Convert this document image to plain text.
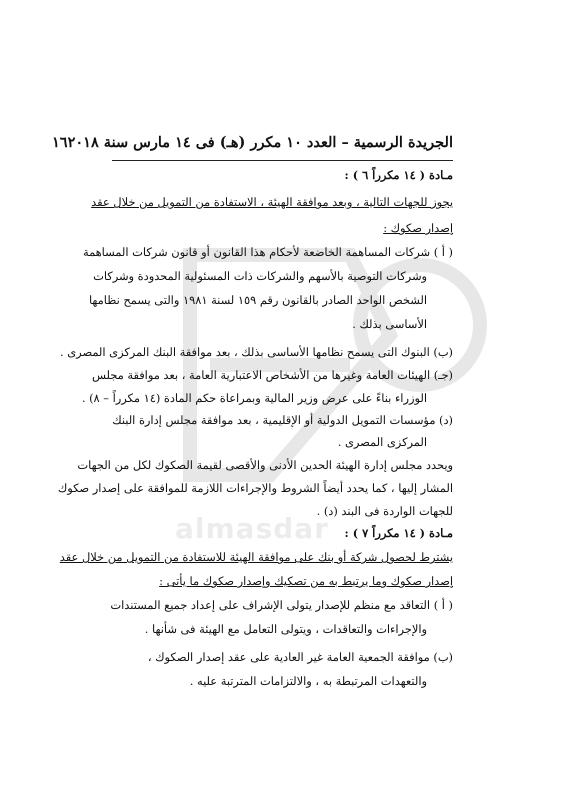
الجريدة الرسمية – العدد ١٠ مكرر (هـ) فى ١٤ مارس سنة ٢٠١٨
١٦
almasdar
مـادة ( ١٤ مكرراً ٦ ) :
يجوز للجهات التالية ، وبعد موافقة الهيئة ، الاستفادة من التمويل من خلال عقد
إصدار صكوك :
( أ ) شركات المساهمة الخاضعة لأحكام هذا القانون أو قانون شركات المساهمة
وشركات التوصية بالأسهم والشركات ذات المسئولية المحدودة وشركات
الشخص الواحد الصادر بالقانون رقم ١٥٩ لسنة ١٩٨١ والتى يسمح نظامها
الأساسى بذلك .
(ب) البنوك التى يسمح نظامها الأساسى بذلك ، بعد موافقة البنك المركزى المصرى .
(جـ) الهيئات العامة وغيرها من الأشخاص الاعتبارية العامة ، بعد موافقة مجلس
الوزراء بناءً على عرض وزير المالية وبمراعاة حكم المادة (١٤ مكرراً – ٨) .
(د) مؤسسات التمويل الدولية أو الإقليمية ، بعد موافقة مجلس إدارة البنك
المركزى المصرى .
ويحدد مجلس إدارة الهيئة الحدين الأدنى والأقصى لقيمة الصكوك لكل من الجهات
المشار إليها ، كما يحدد أيضاً الشروط والإجراءات اللازمة للموافقة على إصدار صكوك
للجهات الواردة فى البند (د) .
مـادة ( ١٤ مكرراً ٧ ) :
يشترط لحصول شركة أو بنك على موافقة الهيئة للاستفادة من التمويل من خلال عقد
إصدار صكوك وما يرتبط به من تصكيك وإصدار صكوك ما يأتى :
( أ ) التعاقد مع منظم للإصدار يتولى الإشراف على إعداد جميع المستندات
والإجراءات والتعاقدات ، ويتولى التعامل مع الهيئة فى شأنها .
(ب) موافقة الجمعية العامة غير العادية على عقد إصدار الصكوك ،
والتعهدات المرتبطة به ، والالتزامات المترتبة عليه .
